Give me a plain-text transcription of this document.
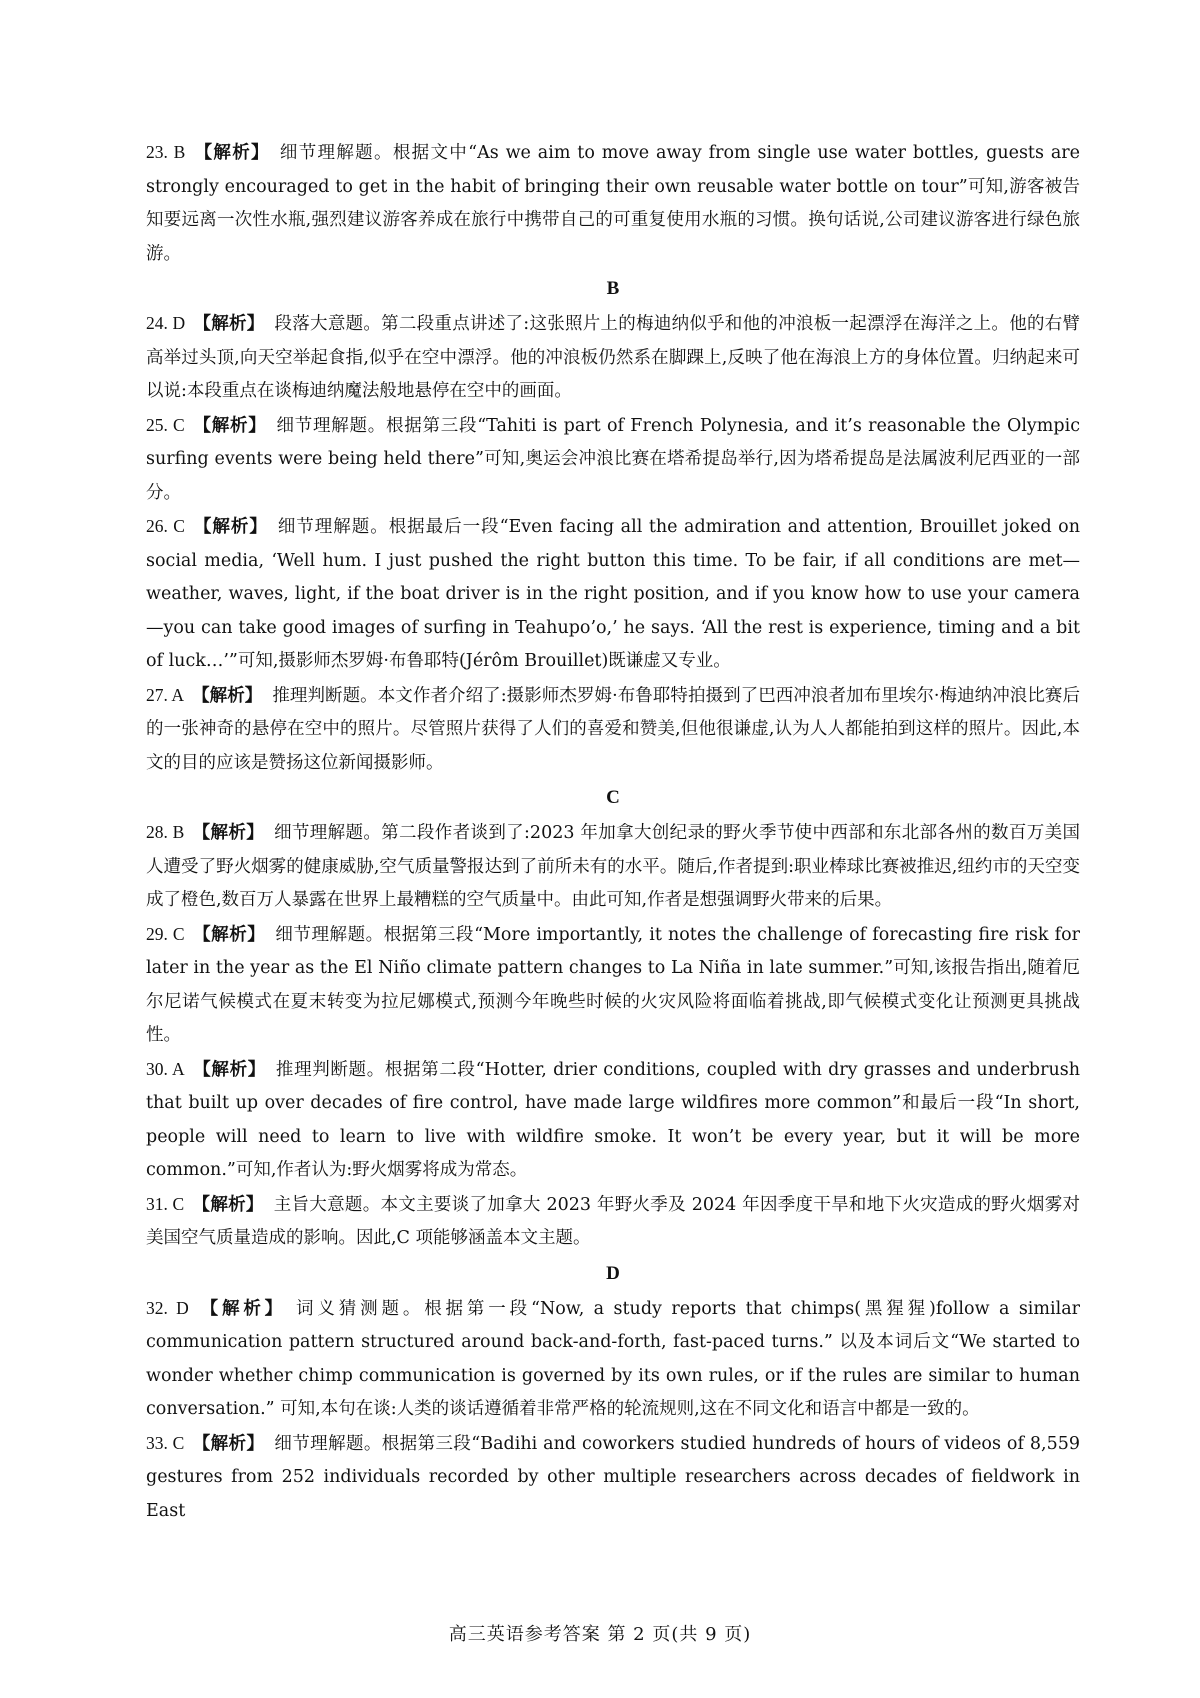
23. B 【解析】 细节理解题。根据文中“As we aim to move away from single use water bottles, guests are strongly encouraged to get in the habit of bringing their own reusable water bottle on tour”可知,游客被告知要远离一次性水瓶,强烈建议游客养成在旅行中携带自己的可重复使用水瓶的习惯。换句话说,公司建议游客进行绿色旅游。
B
24. D 【解析】 段落大意题。第二段重点讲述了:这张照片上的梅迪纳似乎和他的冲浪板一起漂浮在海洋之上。他的右臂高举过头顶,向天空举起食指,似乎在空中漂浮。他的冲浪板仍然系在脚踝上,反映了他在海浪上方的身体位置。归纳起来可以说:本段重点在谈梅迪纳魔法般地悬停在空中的画面。
25. C 【解析】 细节理解题。根据第三段“Tahiti is part of French Polynesia, and it’s reasonable the Olympic surfing events were being held there”可知,奥运会冲浪比赛在塔希提岛举行,因为塔希提岛是法属波利尼西亚的一部分。
26. C 【解析】 细节理解题。根据最后一段“Even facing all the admiration and attention, Brouillet joked on social media, ‘Well hum. I just pushed the right button this time. To be fair, if all conditions are met—weather, waves, light, if the boat driver is in the right position, and if you know how to use your camera—you can take good images of surfing in Teahupo’o,’ he says. ‘All the rest is experience, timing and a bit of luck…’”可知,摄影师杰罗姆·布鲁耶特(Jérôm Brouillet)既谦虚又专业。
27. A 【解析】 推理判断题。本文作者介绍了:摄影师杰罗姆·布鲁耶特拍摄到了巴西冲浪者加布里埃尔·梅迪纳冲浪比赛后的一张神奇的悬停在空中的照片。尽管照片获得了人们的喜爱和赞美,但他很谦虚,认为人人都能拍到这样的照片。因此,本文的目的应该是赞扬这位新闻摄影师。
C
28. B 【解析】 细节理解题。第二段作者谈到了:2023 年加拿大创纪录的野火季节使中西部和东北部各州的数百万美国人遭受了野火烟雾的健康威胁,空气质量警报达到了前所未有的水平。随后,作者提到:职业棒球比赛被推迟,纽约市的天空变成了橙色,数百万人暴露在世界上最糟糕的空气质量中。由此可知,作者是想强调野火带来的后果。
29. C 【解析】 细节理解题。根据第三段“More importantly, it notes the challenge of forecasting fire risk for later in the year as the El Niño climate pattern changes to La Niña in late summer.”可知,该报告指出,随着厄尔尼诺气候模式在夏末转变为拉尼娜模式,预测今年晚些时候的火灾风险将面临着挑战,即气候模式变化让预测更具挑战性。
30. A 【解析】 推理判断题。根据第二段“Hotter, drier conditions, coupled with dry grasses and underbrush that built up over decades of fire control, have made large wildfires more common”和最后一段“In short, people will need to learn to live with wildfire smoke. It won’t be every year, but it will be more common.”可知,作者认为:野火烟雾将成为常态。
31. C 【解析】 主旨大意题。本文主要谈了加拿大 2023 年野火季及 2024 年因季度干旱和地下火灾造成的野火烟雾对美国空气质量造成的影响。因此,C 项能够涵盖本文主题。
D
32. D 【解析】 词义猜测题。根据第一段“Now, a study reports that chimps(黑猩猩)follow a similar communication pattern structured around back-and-forth, fast-paced turns.” 以及本词后文“We started to wonder whether chimp communication is governed by its own rules, or if the rules are similar to human conversation.” 可知,本句在谈:人类的谈话遵循着非常严格的轮流规则,这在不同文化和语言中都是一致的。
33. C 【解析】 细节理解题。根据第三段“Badihi and coworkers studied hundreds of hours of videos of 8,559 gestures from 252 individuals recorded by other multiple researchers across decades of fieldwork in East
高三英语参考答案 第 2 页(共 9 页)
